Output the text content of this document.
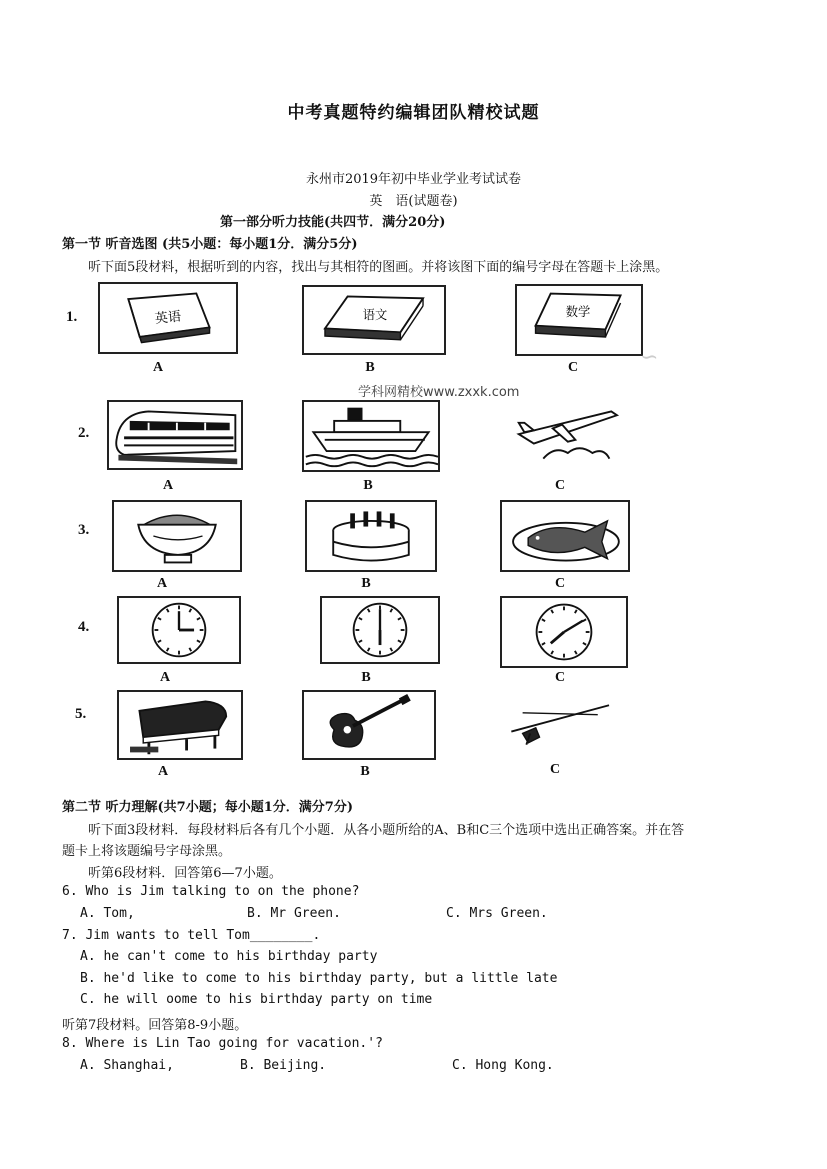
中考真题特约编辑团队精校试题
永州市2019年初中毕业学业考试试卷
英　语(试题卷)
第一部分听力技能(共四节．满分20分)
第一节 听音选图 (共5小题：每小题1分．满分5分)
听下面5段材料，根据听到的内容，找出与其相符的图画。并将该图下面的编号字母在答题卡上涂黑。
1.
2.
3.
4.
5.
英语	语文	数学
A	B	C
学科网精校www.zxxk.com
∽
A	B	C
A	B	C
A	B	C
A	B	C
第二节 听力理解(共7小题；每小题1分．满分7分)
听下面3段材料．每段材料后各有几个小题．从各小题所给的A、B和C三个选项中选出正确答案。并在答
题卡上将该题编号字母涂黑。
听第6段材料．回答第6—7小题。
6. Who is Jim talking to on the phone?
A. Tom,	B. Mr Green.	C. Mrs Green.
7. Jim wants to tell Tom________.
A. he can't come to his birthday party
B. he'd like to come to his birthday party, but a little late
C. he will oome to his birthday party on time
听第7段材料。回答第8-9小题。
8. Where is Lin Tao going for vacation.'?
A. Shanghai,	B. Beijing.	C. Hong Kong.
